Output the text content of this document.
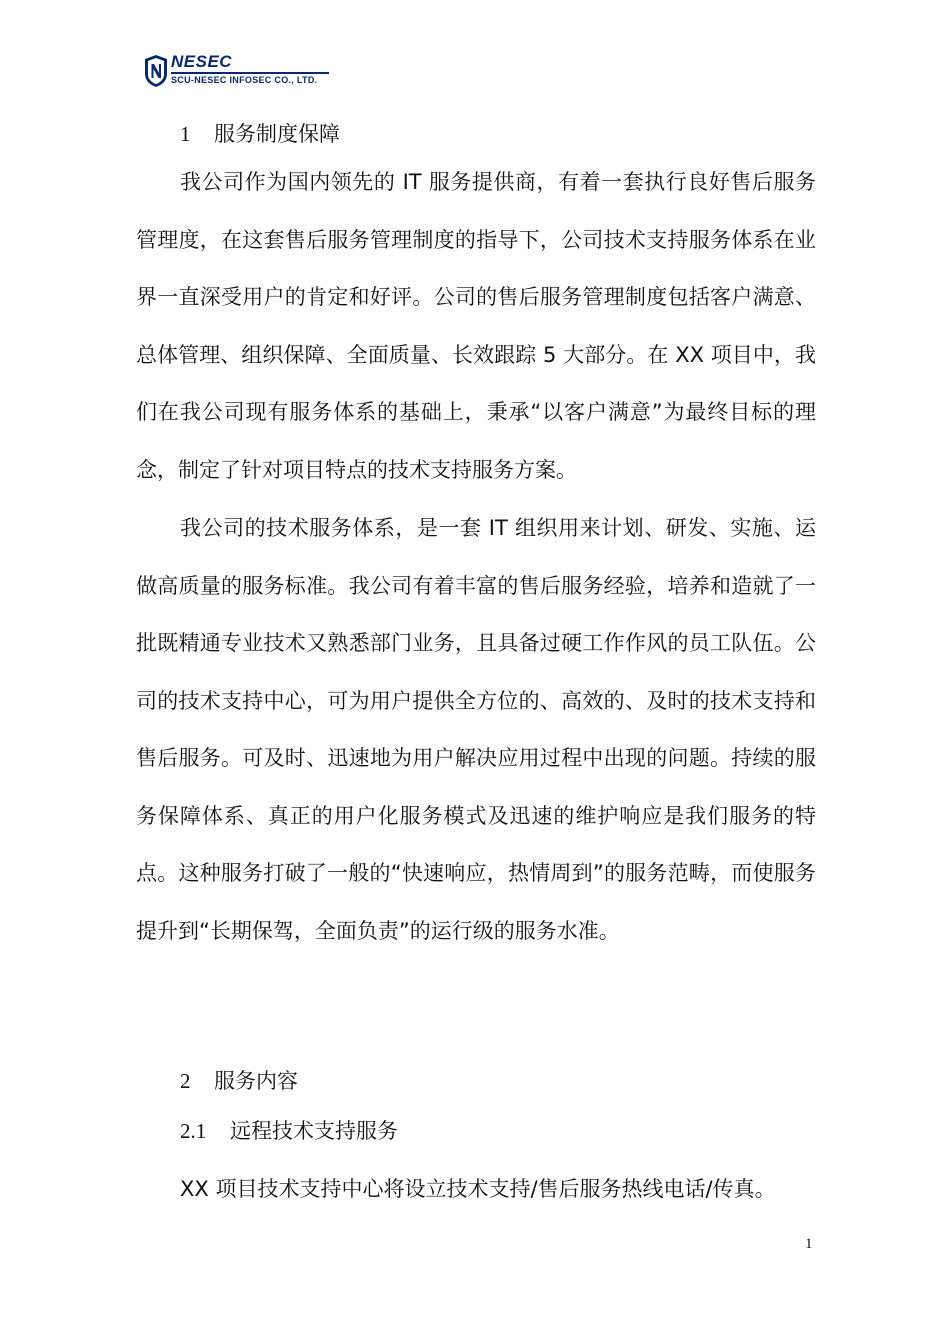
NESEC
SCU-NESEC INFOSEC CO., LTD.
1 服务制度保障

我公司作为国内领先的 IT 服务提供商，有着一套执行良好售后服务管理度，在这套售后服务管理制度的指导下，公司技术支持服务体系在业界一直深受用户的肯定和好评。公司的售后服务管理制度包括客户满意、总体管理、组织保障、全面质量、长效跟踪 5 大部分。在 XX 项目中，我们在我公司现有服务体系的基础上，秉承“以客户满意”为最终目标的理念，制定了针对项目特点的技术支持服务方案。

我公司的技术服务体系，是一套 IT 组织用来计划、研发、实施、运做高质量的服务标准。我公司有着丰富的售后服务经验，培养和造就了一批既精通专业技术又熟悉部门业务，且具备过硬工作作风的员工队伍。公司的技术支持中心，可为用户提供全方位的、高效的、及时的技术支持和售后服务。可及时、迅速地为用户解决应用过程中出现的问题。持续的服务保障体系、真正的用户化服务模式及迅速的维护响应是我们服务的特点。这种服务打破了一般的“快速响应，热情周到”的服务范畴，而使服务提升到“长期保驾，全面负责”的运行级的服务水准。

2 服务内容
2.1 远程技术支持服务

XX 项目技术支持中心将设立技术支持/售后服务热线电话/传真。

1
